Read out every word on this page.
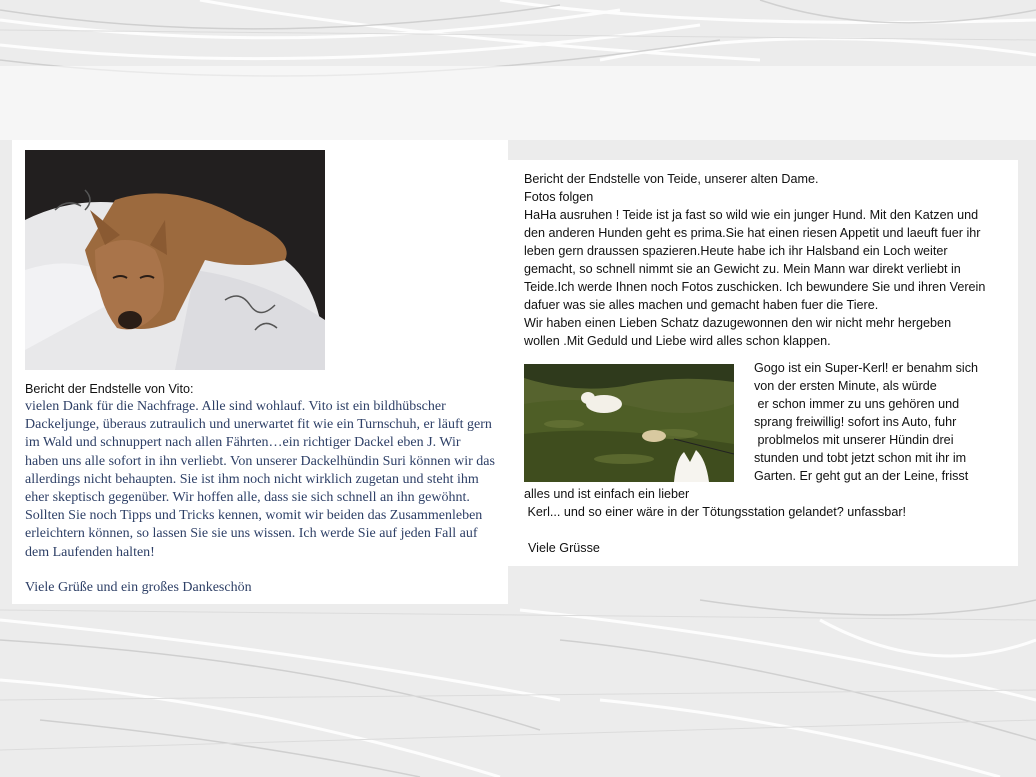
Bericht der Endstelle von Vito:

vielen Dank für die Nachfrage. Alle sind wohlauf. Vito ist ein bildhübscher Dackeljunge, überaus zutraulich und unerwartet fit wie ein Turnschuh, er läuft gern im Wald und schnuppert nach allen Fährten…ein richtiger Dackel eben J. Wir haben uns alle sofort in ihn verliebt. Von unserer Dackelhündin Suri können wir das allerdings nicht behaupten. Sie ist ihm noch nicht wirklich zugetan und steht ihm eher skeptisch gegenüber. Wir hoffen alle, dass sie sich schnell an ihn gewöhnt. Sollten Sie noch Tipps und Tricks kennen, womit wir beiden das Zusammenleben erleichtern können, so lassen Sie sie uns wissen. Ich werde Sie auf jeden Fall auf dem Laufenden halten!

Viele Grüße und ein großes Dankeschön
Bericht der Endstelle von Teide, unserer alten Dame.
Fotos folgen
HaHa ausruhen ! Teide ist ja fast so wild wie ein junger Hund. Mit den Katzen und
den anderen Hunden geht es prima.Sie hat einen riesen Appetit und laeuft fuer ihr
leben gern draussen spazieren.Heute habe ich ihr Halsband ein Loch weiter
gemacht, so schnell nimmt sie an Gewicht zu. Mein Mann war direkt verliebt in
Teide.Ich werde Ihnen noch Fotos zuschicken. Ich bewundere Sie und ihren Verein
dafuer was sie alles machen und gemacht haben fuer die Tiere.
Wir haben einen Lieben Schatz dazugewonnen den wir nicht mehr hergeben
wollen .Mit Geduld und Liebe wird alles schon klappen.
Gogo ist ein Super-Kerl! er benahm sich
von der ersten Minute, als würde
er schon immer zu uns gehören und
sprang freiwillig! sofort ins Auto, fuhr
problmelos mit unserer Hündin drei
stunden und tobt jetzt schon mit ihr im
Garten. Er geht gut an der Leine, frisst
alles und ist einfach ein lieber
Kerl... und so einer wäre in der Tötungsstation gelandet? unfassbar!
Viele Grüsse
